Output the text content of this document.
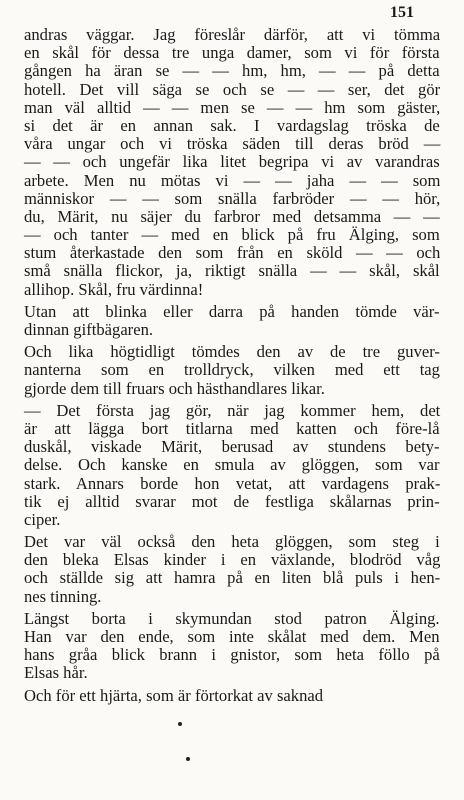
151
andras väggar. Jag föreslår därför, att vi tömma
en skål för dessa tre unga damer, som vi för första
gången ha äran se — — hm, hm, — — på detta
hotell. Det vill säga se och se — — ser, det gör
man väl alltid — — men se — — hm som gäster,
si det är en annan sak. I vardagslag tröska de
våra ungar och vi tröska säden till deras bröd —
— — och ungefär lika litet begripa vi av varandras
arbete. Men nu mötas vi — — jaha — — som
människor — — som snälla farbröder — — hör,
du, Märit, nu säjer du farbror med detsamma — —
— och tanter — med en blick på fru Älging, som
stum återkastade den som från en sköld — — och
små snälla flickor, ja, riktigt snälla — — skål, skål
allihop. Skål, fru värdinna!
Utan att blinka eller darra på handen tömde vär-
dinnan giftbägaren.
Och lika högtidligt tömdes den av de tre guver-
nanterna som en trolldryck, vilken med ett tag
gjorde dem till fruars och hästhandlares likar.
— Det första jag gör, när jag kommer hem, det
är att lägga bort titlarna med katten och före-lå
duskål, viskade Märit, berusad av stundens bety-
delse. Och kanske en smula av glöggen, som var
stark. Annars borde hon vetat, att vardagens prak-
tik ej alltid svarar mot de festliga skålarnas prin-
ciper.
Det var väl också den heta glöggen, som steg i
den bleka Elsas kinder i en växlande, blodröd våg
och ställde sig att hamra på en liten blå puls i hen-
nes tinning.
Längst borta i skymundan stod patron Älging.
Han var den ende, som inte skålat med dem. Men
hans gråa blick brann i gnistor, som heta föllo på
Elsas hår.
Och för ett hjärta, som är förtorkat av saknad
